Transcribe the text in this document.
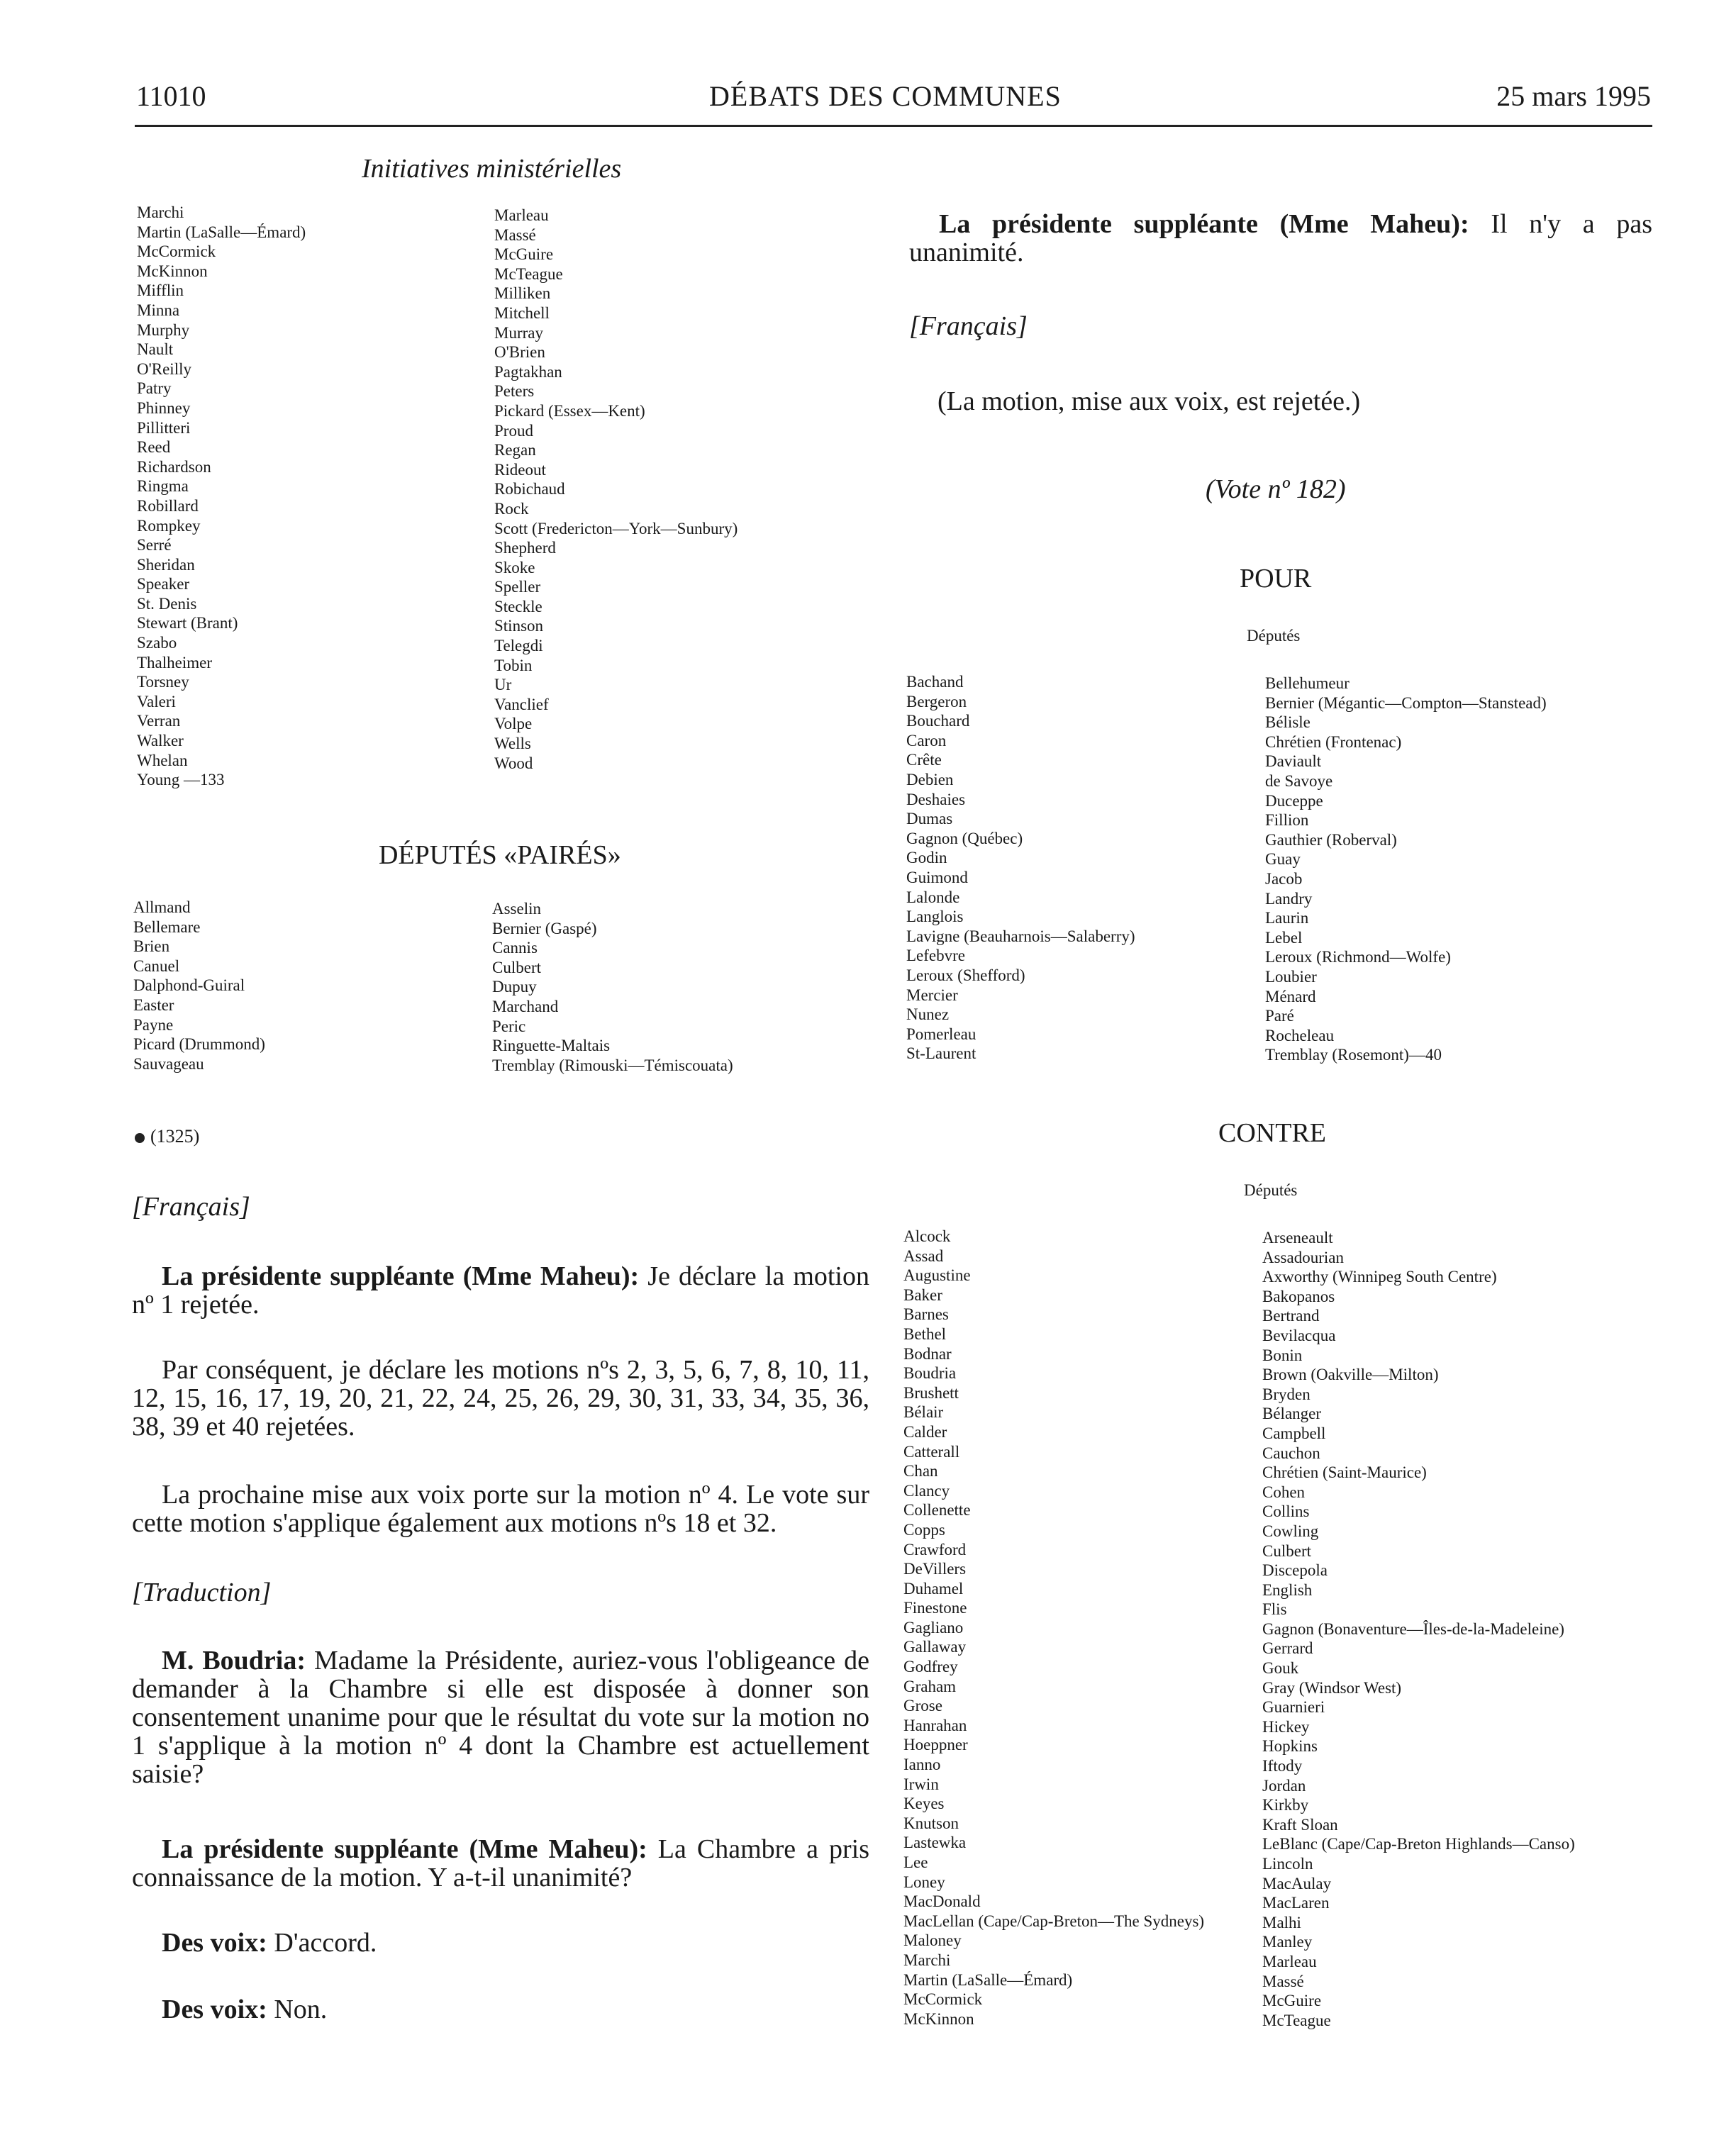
11010	DÉBATS DES COMMUNES	25 mars 1995
Initiatives ministérielles
Marchi
Martin (LaSalle—Émard)
McCormick
McKinnon
Mifflin
Minna
Murphy
Nault
O'Reilly
Patry
Phinney
Pillitteri
Reed
Richardson
Ringma
Robillard
Rompkey
Serré
Sheridan
Speaker
St. Denis
Stewart (Brant)
Szabo
Thalheimer
Torsney
Valeri
Verran
Walker
Whelan
Young —133
Marleau
Massé
McGuire
McTeague
Milliken
Mitchell
Murray
O'Brien
Pagtakhan
Peters
Pickard (Essex—Kent)
Proud
Regan
Rideout
Robichaud
Rock
Scott (Fredericton—York—Sunbury)
Shepherd
Skoke
Speller
Steckle
Stinson
Telegdi
Tobin
Ur
Vanclief
Volpe
Wells
Wood
DÉPUTÉS «PAIRÉS»
Allmand
Bellemare
Brien
Canuel
Dalphond-Guiral
Easter
Payne
Picard (Drummond)
Sauvageau
Asselin
Bernier (Gaspé)
Cannis
Culbert
Dupuy
Marchand
Peric
Ringuette-Maltais
Tremblay (Rimouski—Témiscouata)
(1325)
[Français]
La présidente suppléante (Mme Maheu): Je déclare la motion nº 1 rejetée.
Par conséquent, je déclare les motions nºs 2, 3, 5, 6, 7, 8, 10, 11, 12, 15, 16, 17, 19, 20, 21, 22, 24, 25, 26, 29, 30, 31, 33, 34, 35, 36, 38, 39 et 40 rejetées.
La prochaine mise aux voix porte sur la motion nº 4. Le vote sur cette motion s'applique également aux motions nºs 18 et 32.
[Traduction]
M. Boudria: Madame la Présidente, auriez-vous l'obligeance de demander à la Chambre si elle est disposée à donner son consentement unanime pour que le résultat du vote sur la motion no 1 s'applique à la motion nº 4 dont la Chambre est actuellement saisie?
La présidente suppléante (Mme Maheu): La Chambre a pris connaissance de la motion. Y a-t-il unanimité?
Des voix: D'accord.
Des voix: Non.
La présidente suppléante (Mme Maheu): Il n'y a pas unanimité.
[Français]
(La motion, mise aux voix, est rejetée.)
(Vote nº 182)
POUR
Députés
Bachand
Bergeron
Bouchard
Caron
Crête
Debien
Deshaies
Dumas
Gagnon (Québec)
Godin
Guimond
Lalonde
Langlois
Lavigne (Beauharnois—Salaberry)
Lefebvre
Leroux (Shefford)
Mercier
Nunez
Pomerleau
St-Laurent
Bellehumeur
Bernier (Mégantic—Compton—Stanstead)
Bélisle
Chrétien (Frontenac)
Daviault
de Savoye
Duceppe
Fillion
Gauthier (Roberval)
Guay
Jacob
Landry
Laurin
Lebel
Leroux (Richmond—Wolfe)
Loubier
Ménard
Paré
Rocheleau
Tremblay (Rosemont)—40
CONTRE
Députés
Alcock
Assad
Augustine
Baker
Barnes
Bethel
Bodnar
Boudria
Brushett
Bélair
Calder
Catterall
Chan
Clancy
Collenette
Copps
Crawford
DeVillers
Duhamel
Finestone
Gagliano
Gallaway
Godfrey
Graham
Grose
Hanrahan
Hoeppner
Ianno
Irwin
Keyes
Knutson
Lastewka
Lee
Loney
MacDonald
MacLellan (Cape/Cap-Breton—The Sydneys)
Maloney
Marchi
Martin (LaSalle—Émard)
McCormick
McKinnon
Arseneault
Assadourian
Axworthy (Winnipeg South Centre)
Bakopanos
Bertrand
Bevilacqua
Bonin
Brown (Oakville—Milton)
Bryden
Bélanger
Campbell
Cauchon
Chrétien (Saint-Maurice)
Cohen
Collins
Cowling
Culbert
Discepola
English
Flis
Gagnon (Bonaventure—Îles-de-la-Madeleine)
Gerrard
Gouk
Gray (Windsor West)
Guarnieri
Hickey
Hopkins
Iftody
Jordan
Kirkby
Kraft Sloan
LeBlanc (Cape/Cap-Breton Highlands—Canso)
Lincoln
MacAulay
MacLaren
Malhi
Manley
Marleau
Massé
McGuire
McTeague
